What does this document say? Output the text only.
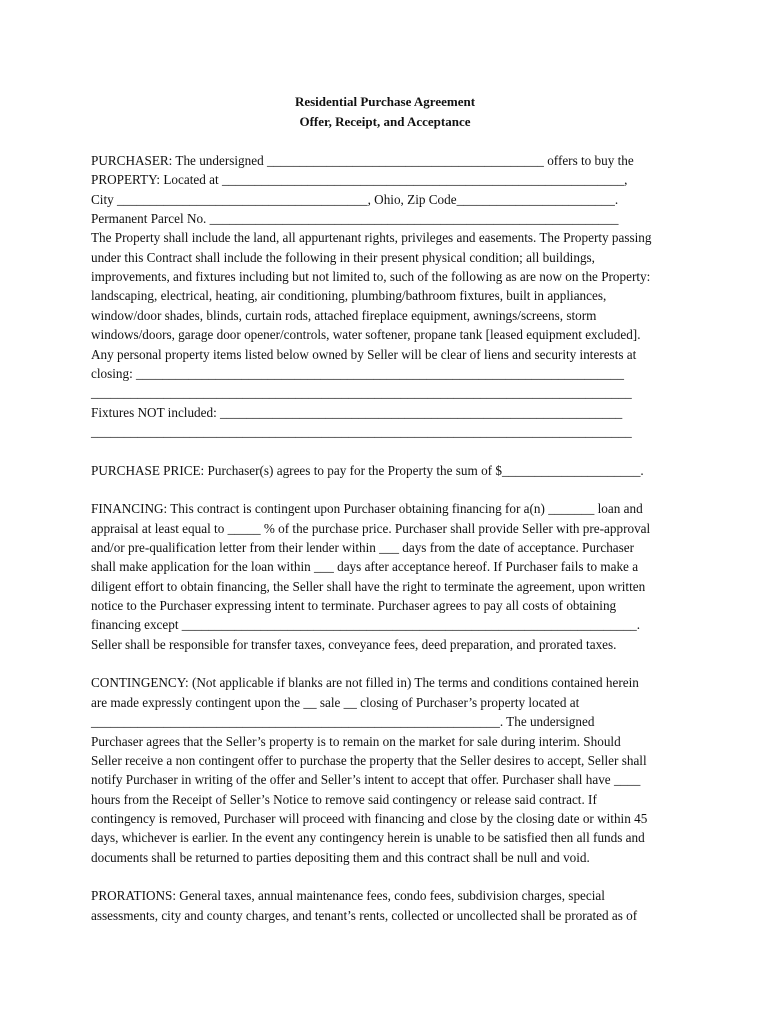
Residential Purchase Agreement
Offer, Receipt, and Acceptance
PURCHASER: The undersigned __________________________________________ offers to buy the
PROPERTY: Located at _____________________________________________________________,
City ______________________________________, Ohio, Zip Code________________________.
Permanent Parcel No. ______________________________________________________________
The Property shall include the land, all appurtenant rights, privileges and easements. The Property passing
under this Contract shall include the following in their present physical condition; all buildings,
improvements, and fixtures including but not limited to, such of the following as are now on the Property:
landscaping, electrical, heating, air conditioning, plumbing/bathroom fixtures, built in appliances,
window/door shades, blinds, curtain rods, attached fireplace equipment, awnings/screens, storm
windows/doors, garage door opener/controls, water softener, propane tank [leased equipment excluded].
Any personal property items listed below owned by Seller will be clear of liens and security interests at
closing: __________________________________________________________________________
__________________________________________________________________________________
Fixtures NOT included: _____________________________________________________________
__________________________________________________________________________________
PURCHASE PRICE: Purchaser(s) agrees to pay for the Property the sum of $_____________________.
FINANCING: This contract is contingent upon Purchaser obtaining financing for a(n) _______ loan and
appraisal at least equal to _____ % of the purchase price. Purchaser shall provide Seller with pre-approval
and/or pre-qualification letter from their lender within ___ days from the date of acceptance. Purchaser
shall make application for the loan within ___ days after acceptance hereof. If Purchaser fails to make a
diligent effort to obtain financing, the Seller shall have the right to terminate the agreement, upon written
notice to the Purchaser expressing intent to terminate. Purchaser agrees to pay all costs of obtaining
financing except _____________________________________________________________________.
Seller shall be responsible for transfer taxes, conveyance fees, deed preparation, and prorated taxes.
CONTINGENCY: (Not applicable if blanks are not filled in) The terms and conditions contained herein
are made expressly contingent upon the __ sale __ closing of Purchaser’s property located at
______________________________________________________________. The undersigned
Purchaser agrees that the Seller’s property is to remain on the market for sale during interim. Should
Seller receive a non contingent offer to purchase the property that the Seller desires to accept, Seller shall
notify Purchaser in writing of the offer and Seller’s intent to accept that offer. Purchaser shall have ____
hours from the Receipt of Seller’s Notice to remove said contingency or release said contract. If
contingency is removed, Purchaser will proceed with financing and close by the closing date or within 45
days, whichever is earlier. In the event any contingency herein is unable to be satisfied then all funds and
documents shall be returned to parties depositing them and this contract shall be null and void.
PRORATIONS: General taxes, annual maintenance fees, condo fees, subdivision charges, special
assessments, city and county charges, and tenant’s rents, collected or uncollected shall be prorated as of
